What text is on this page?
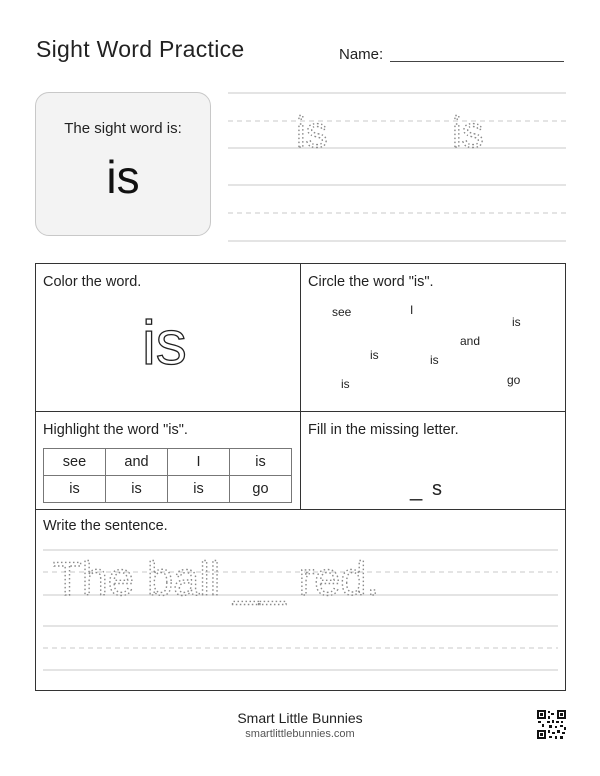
Sight Word Practice	Name:
The sight word is:
is
is	is
Color the word.
is
Circle the word "is".
see	I
is
and
is	is
is	go
Highlight the word "is".
see	and	I	is
is	is	is	go
Fill in the missing letter.
_ s
Write the sentence.
The ball __ red.
Smart Little Bunnies
smartlittlebunnies.com
